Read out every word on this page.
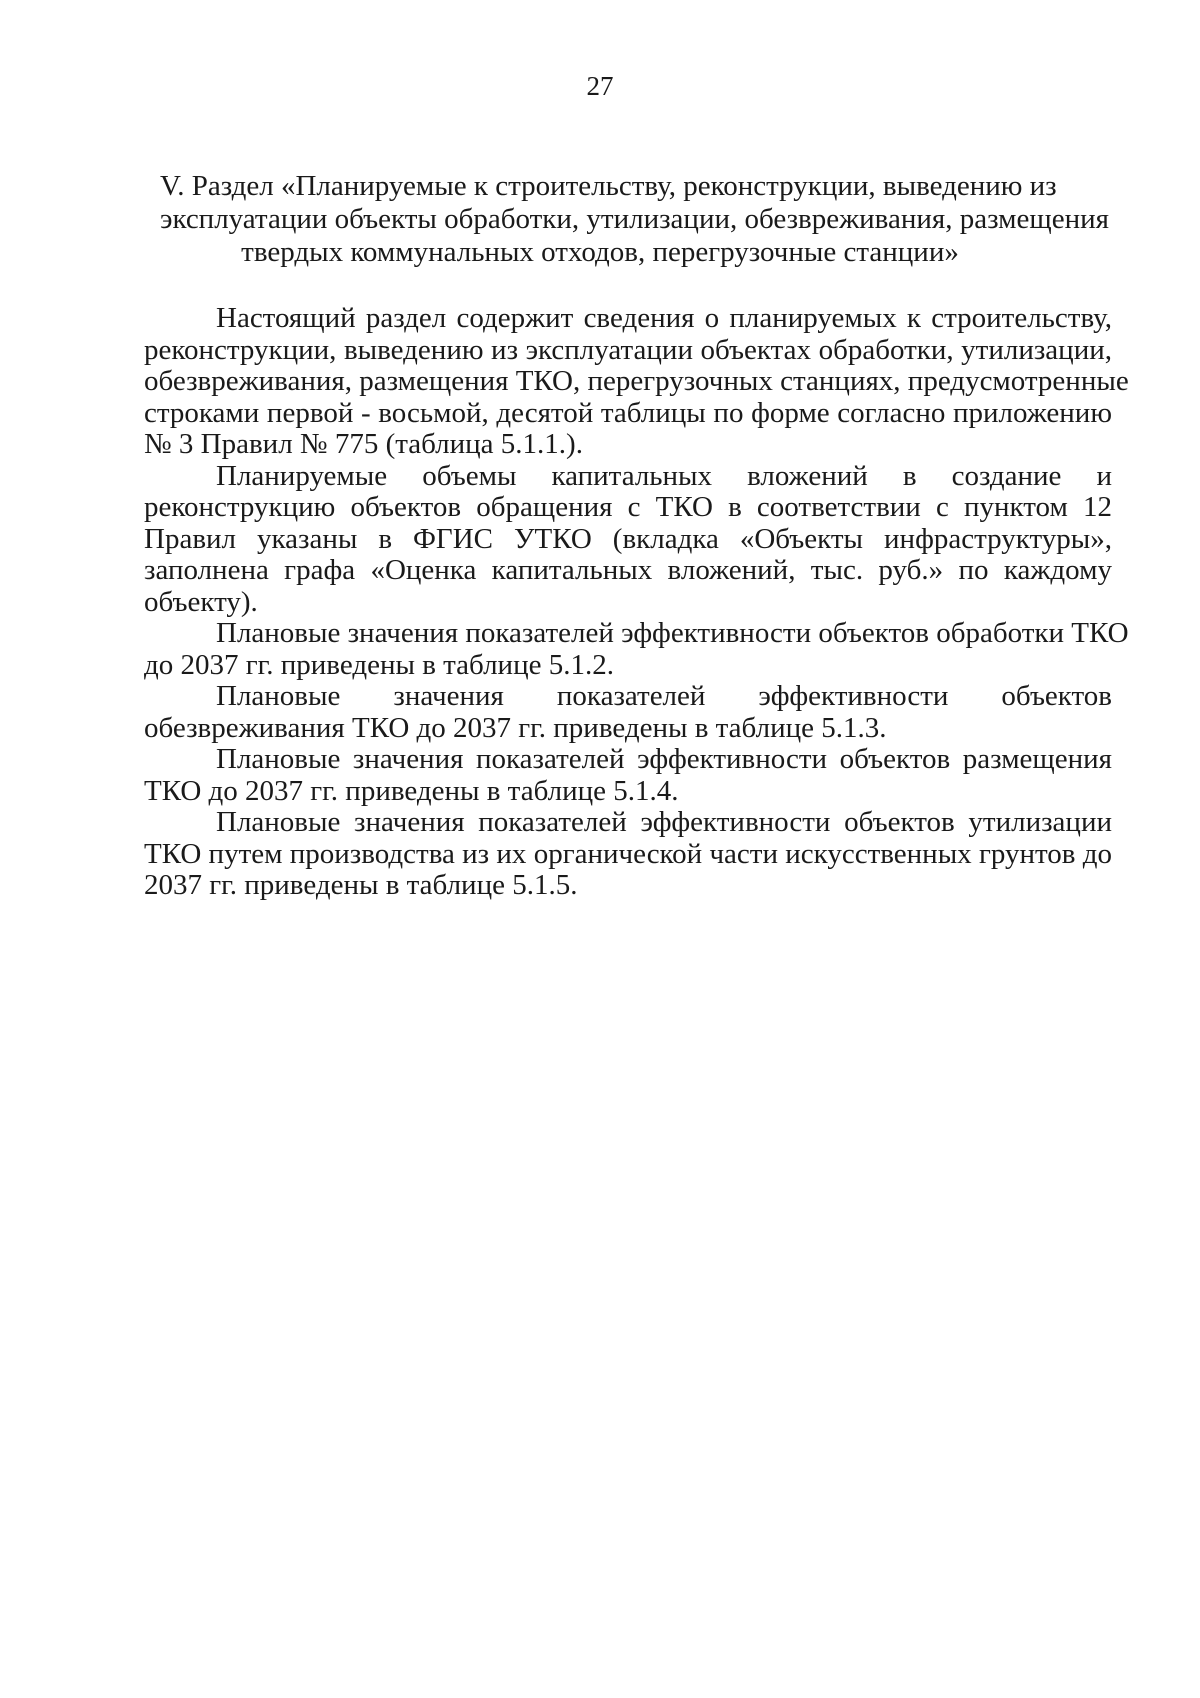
27
V. Раздел «Планируемые к строительству, реконструкции, выведению из
эксплуатации объекты обработки, утилизации, обезвреживания, размещения
твердых коммунальных отходов, перегрузочные станции»

Настоящий раздел содержит сведения о планируемых к строительству,
реконструкции, выведению из эксплуатации объектах обработки, утилизации,
обезвреживания, размещения ТКО, перегрузочных станциях, предусмотренные
строками первой - восьмой, десятой таблицы по форме согласно приложению
№ 3 Правил № 775 (таблица 5.1.1.).

Планируемые объемы капитальных вложений в создание и
реконструкцию объектов обращения с ТКО в соответствии с пунктом 12
Правил указаны в ФГИС УТКО (вкладка «Объекты инфраструктуры»,
заполнена графа «Оценка капитальных вложений, тыс. руб.» по каждому
объекту).

Плановые значения показателей эффективности объектов обработки ТКО
до 2037 гг. приведены в таблице 5.1.2.

Плановые значения показателей эффективности объектов
обезвреживания ТКО до 2037 гг. приведены в таблице 5.1.3.

Плановые значения показателей эффективности объектов размещения
ТКО до 2037 гг. приведены в таблице 5.1.4.

Плановые значения показателей эффективности объектов утилизации
ТКО путем производства из их органической части искусственных грунтов до
2037 гг. приведены в таблице 5.1.5.
